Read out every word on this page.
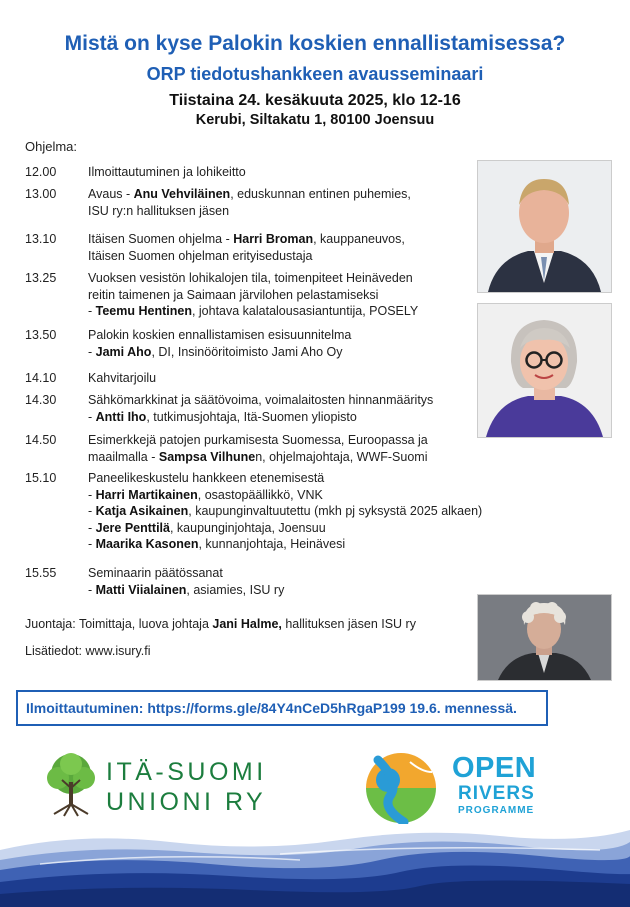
Mistä on kyse Palokin koskien ennallistamisessa?
ORP tiedotushankkeen avausseminaari
Tiistaina 24. kesäkuuta 2025, klo 12-16
Kerubi, Siltakatu 1, 80100 Joensuu
Ohjelma:
12.00	Ilmoittautuminen ja lohikeitto
13.00	Avaus - Anu Vehviläinen, eduskunnan entinen puhemies,
ISU ry:n hallituksen jäsen
13.10	Itäisen Suomen ohjelma - Harri Broman, kauppaneuvos,
Itäisen Suomen ohjelman erityisedustaja
13.25	Vuoksen vesistön lohikalojen tila, toimenpiteet Heinäveden
reitin taimenen ja Saimaan järvilohen pelastamiseksi
- Teemu Hentinen, johtava kalatalousasiantuntija, POSELY
13.50	Palokin koskien ennallistamisen esisuunnitelma
- Jami Aho, DI, Insinööritoimisto Jami Aho Oy
14.10	Kahvitarjoilu
14.30	Sähkömarkkinat ja säätövoima, voimalaitosten hinnanmääritys
- Antti Iho, tutkimusjohtaja, Itä-Suomen yliopisto
14.50	Esimerkkejä patojen purkamisesta Suomessa, Euroopassa ja
maailmalla - Sampsa Vilhunen, ohjelmajohtaja, WWF-Suomi
15.10	Paneelikeskustelu hankkeen etenemisestä
- Harri Martikainen, osastopäällikkö, VNK
- Katja Asikainen, kaupunginvaltuutettu (mkh pj syksystä 2025 alkaen)
- Jere Penttilä, kaupunginjohtaja, Joensuu
- Maarika Kasonen, kunnanjohtaja, Heinävesi
15.55	Seminaarin päätössanat
- Matti Viialainen, asiamies, ISU ry
Juontaja: Toimittaja, luova johtaja Jani Halme, hallituksen jäsen ISU ry
Lisätiedot: www.isury.fi
Ilmoittautuminen: https://forms.gle/84Y4nCeD5hRgaP199 19.6. mennessä.
ITÄ-SUOMI
UNIONI RY
OPEN
RIVERS
PROGRAMME
